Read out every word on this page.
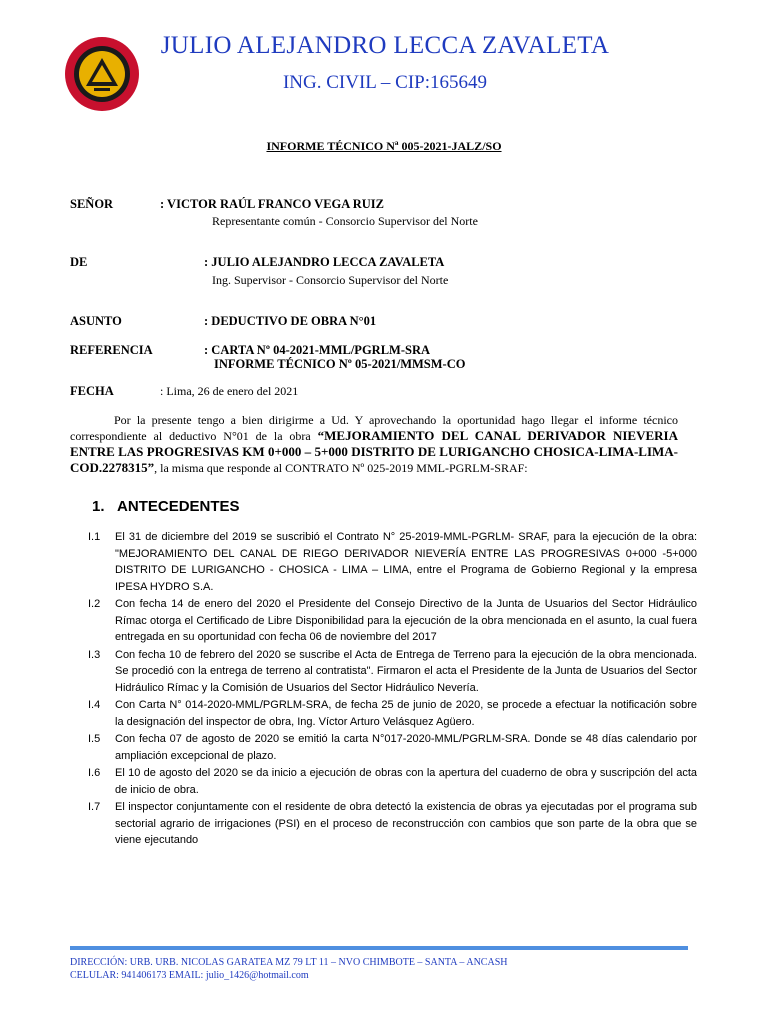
JULIO ALEJANDRO LECCA ZAVALETA
ING. CIVIL – CIP:165649
INFORME TÉCNICO Nª 005-2021-JALZ/SO
SEÑOR	: VICTOR RAÚL FRANCO VEGA RUIZ
Representante común - Consorcio Supervisor del Norte
DE	: JULIO ALEJANDRO LECCA ZAVALETA
Ing. Supervisor - Consorcio Supervisor del Norte
ASUNTO	: DEDUCTIVO DE OBRA N°01
REFERENCIA	: CARTA Nº 04-2021-MML/PGRLM-SRA
INFORME TÉCNICO Nº 05-2021/MMSM-CO
FECHA	: Lima, 26 de enero del 2021
Por la presente tengo a bien dirigirme a Ud. Y aprovechando la oportunidad hago llegar el informe técnico correspondiente al deductivo N°01 de la obra “MEJORAMIENTO DEL CANAL DERIVADOR NIEVERIA ENTRE LAS PROGRESIVAS KM 0+000 – 5+000 DISTRITO DE LURIGANCHO CHOSICA-LIMA-LIMA-COD.2278315”, la misma que responde al CONTRATO Nº 025-2019 MML-PGRLM-SRAF:
1. ANTECEDENTES
I.1	El 31 de diciembre del 2019 se suscribió el Contrato N° 25-2019-MML-PGRLM- SRAF, para la ejecución de la obra: "MEJORAMIENTO DEL CANAL DE RIEGO DERIVADOR NIEVERÍA ENTRE LAS PROGRESIVAS 0+000 -5+000 DISTRITO DE LURIGANCHO - CHOSICA - LIMA – LIMA, entre el Programa de Gobierno Regional y la empresa IPESA HYDRO S.A.
I.2	Con fecha 14 de enero del 2020 el Presidente del Consejo Directivo de la Junta de Usuarios del Sector Hidráulico Rímac otorga el Certificado de Libre Disponibilidad para la ejecución de la obra mencionada en el asunto, la cual fuera entregada en su oportunidad con fecha 06 de noviembre del 2017
I.3	Con fecha 10 de febrero del 2020 se suscribe el Acta de Entrega de Terreno para la ejecución de la obra mencionada. Se procedió con la entrega de terreno al contratista". Firmaron el acta el Presidente de la Junta de Usuarios del Sector Hidráulico Rímac y la Comisión de Usuarios del Sector Hidráulico Nevería.
I.4	Con Carta N° 014-2020-MML/PGRLM-SRA, de fecha 25 de junio de 2020, se procede a efectuar la notificación sobre la designación del inspector de obra, Ing. Víctor Arturo Velásquez Agüero.
I.5	Con fecha 07 de agosto de 2020 se emitió la carta N°017-2020-MML/PGRLM-SRA. Donde se 48 días calendario por ampliación excepcional de plazo.
I.6	El 10 de agosto del 2020 se da inicio a ejecución de obras con la apertura del cuaderno de obra y suscripción del acta de inicio de obra.
I.7	El inspector conjuntamente con el residente de obra detectó la existencia de obras ya ejecutadas por el programa sub sectorial agrario de irrigaciones (PSI) en el proceso de reconstrucción con cambios que son parte de la obra que se viene ejecutando
DIRECCIÓN: URB. URB. NICOLAS GARATEA MZ 79 LT 11 – NVO CHIMBOTE – SANTA – ANCASH
CELULAR: 941406173 EMAIL: julio_1426@hotmail.com
